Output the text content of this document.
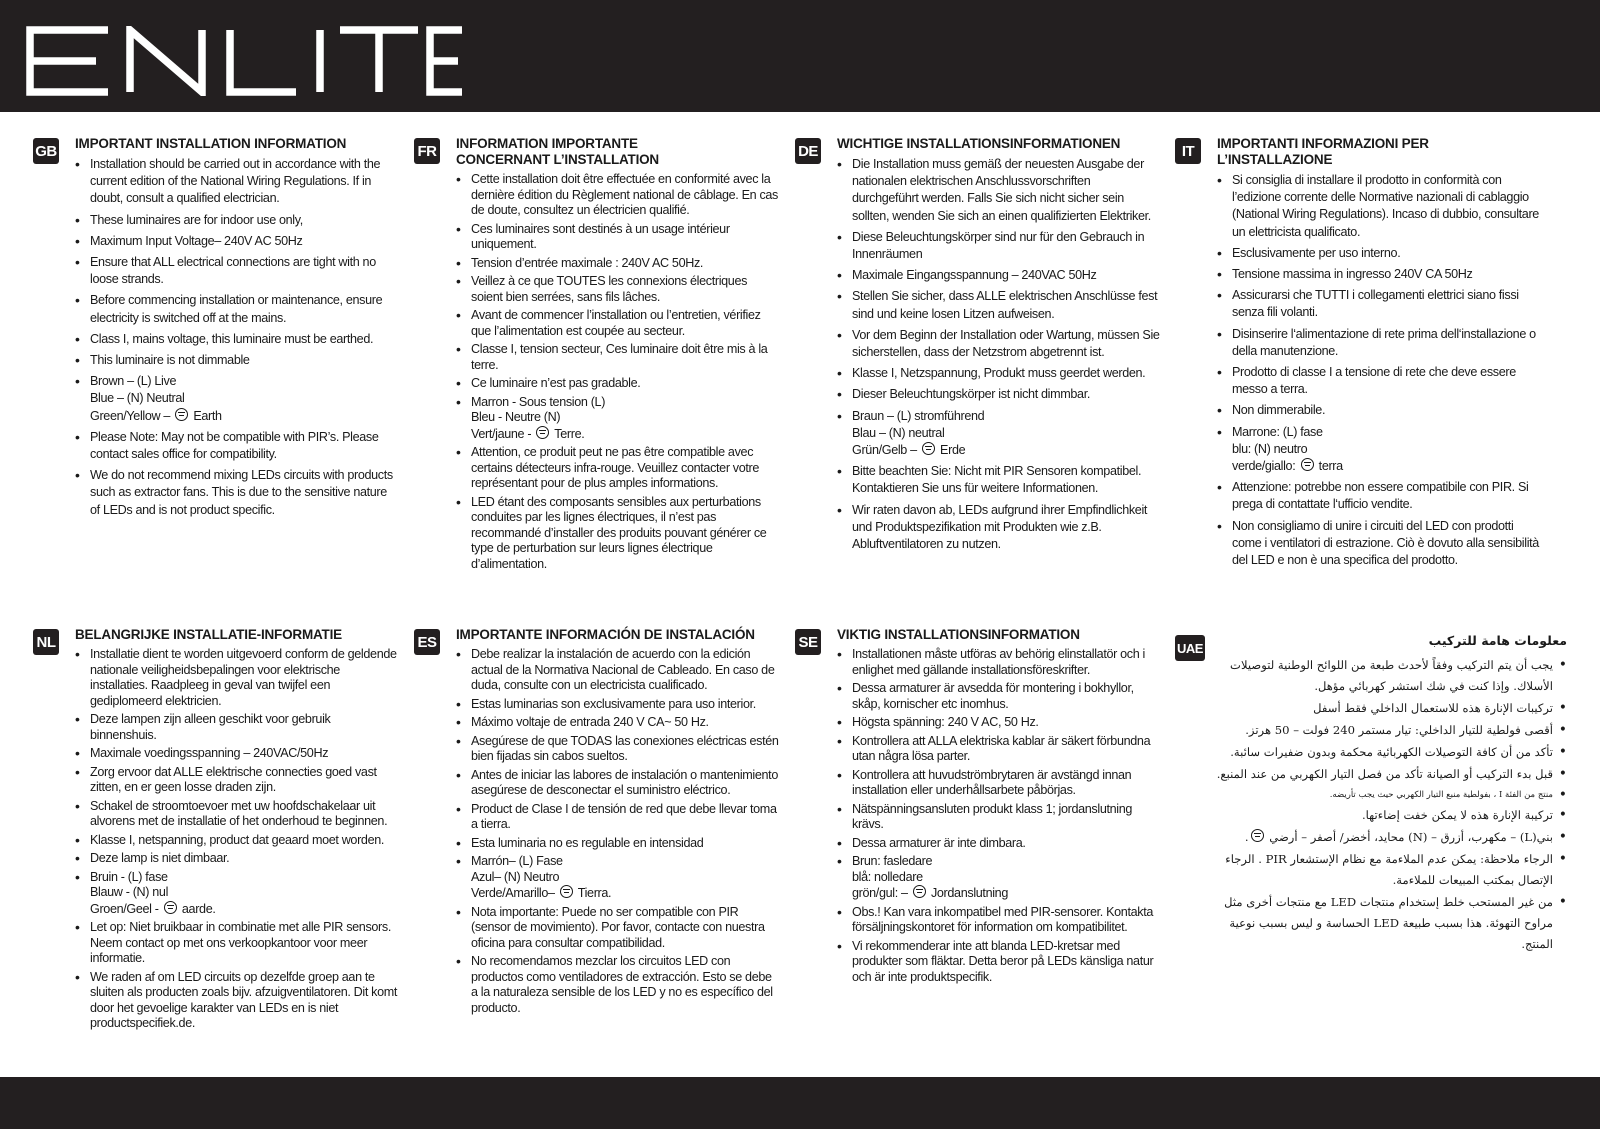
GB IMPORTANT INSTALLATION INFORMATION
• Installation should be carried out in accordance with the current edition of the National Wiring Regulations. If in doubt, consult a qualified electrician.
• These luminaires are for indoor use only,
• Maximum Input Voltage– 240V AC 50Hz
• Ensure that ALL electrical connections are tight with no loose strands.
• Before commencing installation or maintenance, ensure electricity is switched off at the mains.
• Class I, mains voltage, this luminaire must be earthed.
• This luminaire is not dimmable
• Brown – (L) Live
Blue – (N) Neutral
Green/Yellow –  Earth
• Please Note: May not be compatible with PIR’s. Please contact sales office for compatibility.
• We do not recommend mixing LEDs circuits with products such as extractor fans. This is due to the sensitive nature of LEDs and is not product specific.
FR INFORMATION IMPORTANTE CONCERNANT L’INSTALLATION
• Cette installation doit être effectuée en conformité avec la dernière édition du Règlement national de câblage. En cas de doute, consultez un électricien qualifié.
• Ces luminaires sont destinés à un usage intérieur uniquement.
• Tension d’entrée maximale : 240V AC 50Hz.
• Veillez à ce que TOUTES les connexions électriques soient bien serrées, sans fils lâches.
• Avant de commencer l’installation ou l’entretien, vérifiez que l’alimentation est coupée au secteur.
• Classe I, tension secteur, Ces luminaire doit être mis à la terre.
• Ce luminaire n’est pas gradable.
• Marron - Sous tension (L)
Bleu - Neutre (N)
Vert/jaune -  Terre.
• Attention, ce produit peut ne pas être compatible avec certains détecteurs infra-rouge. Veuillez contacter votre représentant pour de plus amples informations.
• LED étant des composants sensibles aux perturbations conduites par les lignes électriques, il n’est pas recommandé d’installer des produits pouvant générer ce type de perturbation sur leurs lignes électrique d’alimentation.
DE WICHTIGE INSTALLATIONSINFORMATIONEN
• Die Installation muss gemäß der neuesten Ausgabe der nationalen elektrischen Anschlussvorschriften durchgeführt werden. Falls Sie sich nicht sicher sein sollten, wenden Sie sich an einen qualifizierten Elektriker.
• Diese Beleuchtungskörper sind nur für den Gebrauch in Innenräumen
• Maximale Eingangsspannung – 240VAC 50Hz
• Stellen Sie sicher, dass ALLE elektrischen Anschlüsse fest sind und keine losen Litzen aufweisen.
• Vor dem Beginn der Installation oder Wartung, müssen Sie sicherstellen, dass der Netzstrom abgetrennt ist.
• Klasse I, Netzspannung, Produkt muss geerdet werden.
• Dieser Beleuchtungskörper ist nicht dimmbar.
• Braun – (L) stromführend
Blau – (N) neutral
Grün/Gelb –  Erde
• Bitte beachten Sie: Nicht mit PIR Sensoren kompatibel. Kontaktieren Sie uns für weitere Informationen.
• Wir raten davon ab, LEDs aufgrund ihrer Empfindlichkeit und Produktspezifikation mit Produkten wie z.B. Abluftventilatoren zu nutzen.
IT	IMPORTANTI INFORMAZIONI PER L’INSTALLAZIONE
• Si consiglia di installare il prodotto in conformità con l’edizione corrente delle Normative nazionali di cablaggio (National Wiring Regulations). Incaso di dubbio, consultare un elettricista qualificato.
• Esclusivamente per uso interno.
• Tensione massima in ingresso 240V CA 50Hz
• Assicurarsi che TUTTI i collegamenti elettrici siano fissi senza fili volanti.
• Disinserire l‘alimentazione di rete prima dell‘installazione o della manutenzione.
• Prodotto di classe I a tensione di rete che deve essere messo a terra.
• Non dimmerabile.
• Marrone: (L) fase
blu: (N) neutro
verde/giallo:  terra
• Attenzione: potrebbe non essere compatibile con PIR. Si prega di contattate l‘ufficio vendite.
• Non consigliamo di unire i circuiti del LED con prodotti come i ventilatori di estrazione. Ciò è dovuto alla sensibilità del LED e non è una specifica del prodotto.
NL BELANGRIJKE INSTALLATIE-INFORMATIE
• Installatie dient te worden uitgevoerd conform de geldende nationale veiligheidsbepalingen voor elektrische installaties. Raadpleeg in geval van twijfel een gediplomeerd elektricien.
• Deze lampen zijn alleen geschikt voor gebruik binnenshuis.
• Maximale voedingsspanning – 240VAC/50Hz
• Zorg ervoor dat ALLE elektrische connecties goed vast zitten, en er geen losse draden zijn.
• Schakel de stroomtoevoer met uw hoofdschakelaar uit alvorens met de installatie of het onderhoud te beginnen.
• Klasse I, netspanning, product dat geaard moet worden.
• Deze lamp is niet dimbaar.
• Bruin - (L) fase
Blauw - (N) nul
Groen/Geel -  aarde.
• Let op: Niet bruikbaar in combinatie met alle PIR sensors. Neem contact op met ons verkoopkantoor voor meer informatie.
• We raden af om LED circuits op dezelfde groep aan te sluiten als producten zoals bijv. afzuigventilatoren. Dit komt door het gevoelige karakter van LEDs en is niet productspecifiek.de.
ES IMPORTANTE INFORMACIÓN DE INSTALACIÓN
• Debe realizar la instalación de acuerdo con la edición actual de la Normativa Nacional de Cableado. En caso de duda, consulte con un electricista cualificado.
• Estas luminarias son exclusivamente para uso interior.
• Máximo voltaje de entrada 240 V CA~ 50 Hz.
• Asegúrese de que TODAS las conexiones eléctricas estén bien fijadas sin cabos sueltos.
• Antes de iniciar las labores de instalación o mantenimiento asegúrese de desconectar el suministro eléctrico.
• Product de Clase I de tensión de red que debe llevar toma a tierra.
• Esta luminaria no es regulable en intensidad
• Marrón– (L) Fase
Azul– (N) Neutro
Verde/Amarillo–  Tierra.
• Nota importante: Puede no ser compatible con PIR (sensor de movimiento). Por favor, contacte con nuestra oficina para consultar compatibilidad.
• No recomendamos mezclar los circuitos LED con productos como ventiladores de extracción. Esto se debe a la naturaleza sensible de los LED y no es específico del producto.
SE VIKTIG INSTALLATIONSINFORMATION
• Installationen måste utföras av behörig elinstallatör och i enlighet med gällande installationsföreskrifter.
• Dessa armaturer är avsedda för montering i bokhyllor, skåp, kornischer etc inomhus.
• Högsta spänning: 240 V AC, 50 Hz.
• Kontrollera att ALLA elektriska kablar är säkert förbundna utan några lösa parter.
• Kontrollera att huvudströmbrytaren är avstängd innan installation eller underhållsarbete påbörjas.
• Nätspänningsansluten produkt klass 1; jordanslutning krävs.
• Dessa armaturer är inte dimbara.
• Brun: fasledare
blå: nolledare
grön/gul: –  Jordanslutning
• Obs.! Kan vara inkompatibel med PIR-sensorer. Kontakta försäljningskontoret för information om kompatibilitet.
• Vi rekommenderar inte att blanda LED-kretsar med produkter som fläktar. Detta beror på LEDs känsliga natur och är inte produktspecifik.
UAE	معلومات هامة للتركيب
• يجب أن يتم التركيب وفقاً لأحدث طبعة من اللوائح الوطنية لتوصيلات الأسلاك. وإذا كنت في شك استشر كهربائي مؤهل.
• تركيبات الإنارة هذه للاستعمال الداخلي فقط أسفل
• أقصى فولطية للتيار الداخلي: تيار مستمر 240 فولت – 50 هرتز.
• تأكد من أن كافة التوصيلات الكهربائية محكمة وبدون ضفيرات سائبة.
• قبل بدء التركيب أو الصيانة تأكد من فصل التيار الكهربي من عند المنبع.
• منتج من الفئة I ، بفولطية منبع التيار الكهربي حيث يجب تأريضه.
• تركيبة الإنارة هذه لا يمكن خفت إضاءتها.
• بني(L) – مكهرب، أزرق – (N) محايد، أخضر/ أصفر – أرضي .
• الرجاء ملاحظة: يمكن عدم الملاءمة مع نظام الإستشعار PIR . الرجاء الإتصال بمكتب المبيعات للملاءمة.
• من غير المستحب خلط إستخدام منتجات LED مع منتجات أخرى مثل مراوح التهوئة. هذا بسبب طبيعة LED الحساسة و ليس بسبب نوعية المنتج.
